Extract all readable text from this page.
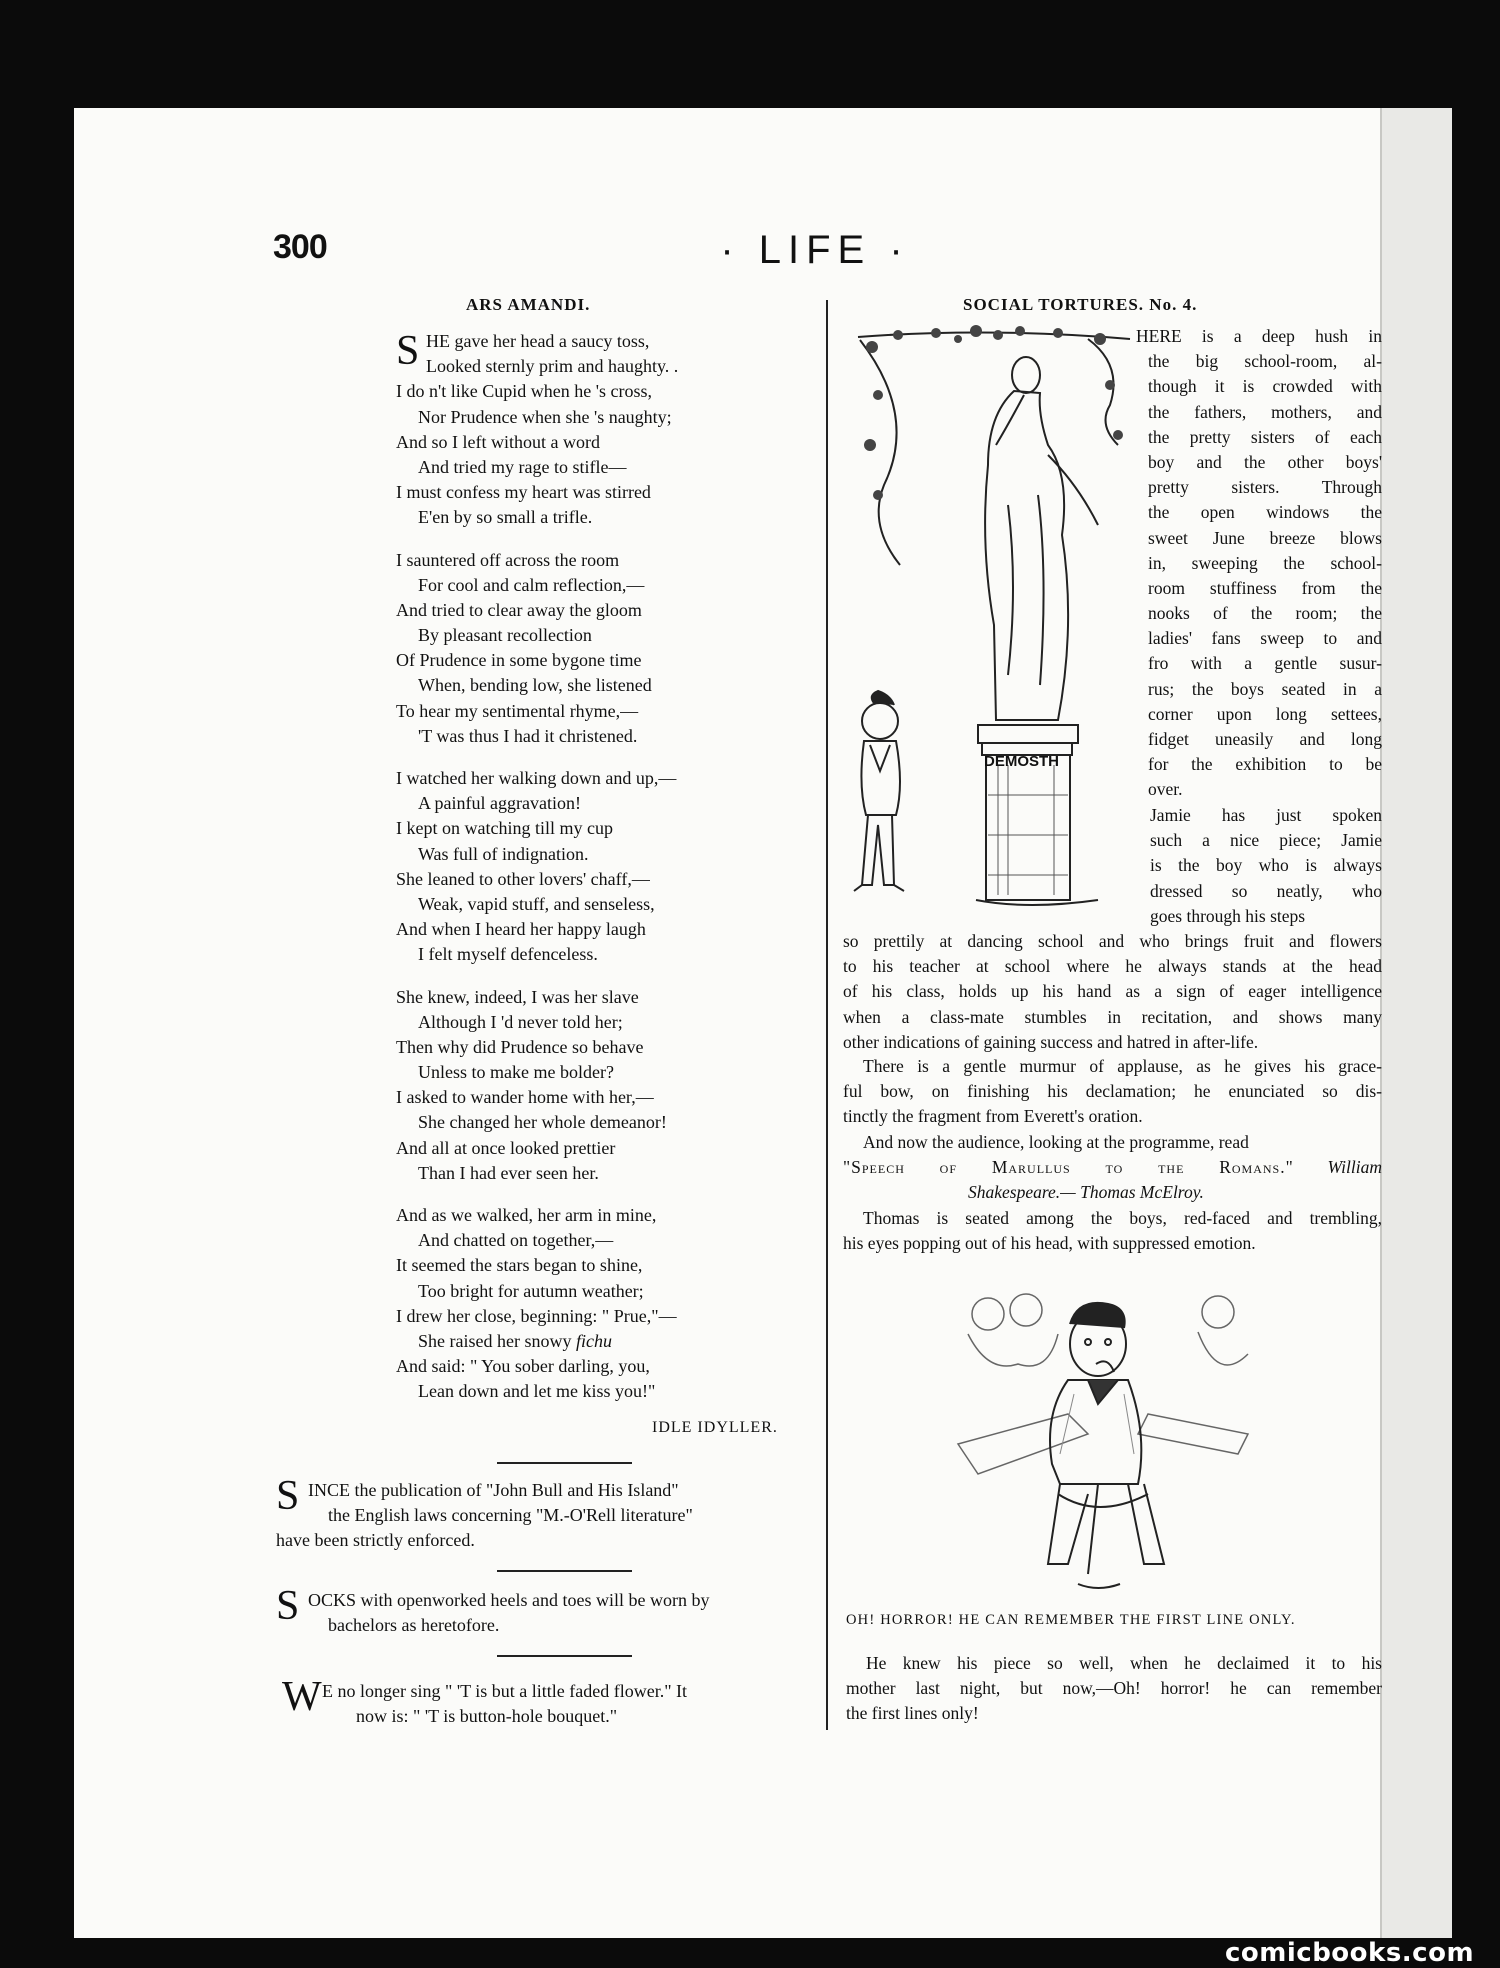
300	· LIFE ·
ARS AMANDI.
S HE gave her head a saucy toss,
Looked sternly prim and haughty. .
I do n't like Cupid when he 's cross,
Nor Prudence when she 's naughty;
And so I left without a word
And tried my rage to stifle—
I must confess my heart was stirred
E'en by so small a trifle.
I sauntered off across the room
For cool and calm reflection,—
And tried to clear away the gloom
By pleasant recollection
Of Prudence in some bygone time
When, bending low, she listened
To hear my sentimental rhyme,—
'T was thus I had it christened.
I watched her walking down and up,—
A painful aggravation!
I kept on watching till my cup
Was full of indignation.
She leaned to other lovers' chaff,—
Weak, vapid stuff, and senseless,
And when I heard her happy laugh
I felt myself defenceless.
She knew, indeed, I was her slave
Although I 'd never told her;
Then why did Prudence so behave
Unless to make me bolder?
I asked to wander home with her,—
She changed her whole demeanor!
And all at once looked prettier
Than I had ever seen her.
And as we walked, her arm in mine,
And chatted on together,—
It seemed the stars began to shine,
Too bright for autumn weather;
I drew her close, beginning: " Prue,"—
She raised her snowy fichu
And said: " You sober darling, you,
Lean down and let me kiss you!"
IDLE IDYLLER.
S INCE the publication of "John Bull and His Island"
the English laws concerning "M.-O'Rell literature"
have been strictly enforced.
S OCKS with openworked heels and toes will be worn by
bachelors as heretofore.
W E no longer sing " 'T is but a little faded flower." It
now is: " 'T is button-hole bouquet."
SOCIAL TORTURES. No. 4.
DEMOSTH
HERE is a deep hush in
the big school-room, al-
though it is crowded with
the fathers, mothers, and
the pretty sisters of each
boy and the other boys'
pretty sisters. Through
the open windows the
sweet June breeze blows
in, sweeping the school-
room stuffiness from the
nooks of the room; the
ladies' fans sweep to and
fro with a gentle susur-
rus; the boys seated in a
corner upon long settees,
fidget uneasily and long
for the exhibition to be
over.
Jamie has just spoken
such a nice piece; Jamie
is the boy who is always
dressed so neatly, who
goes through his steps
so prettily at dancing school and who brings fruit and flowers
to his teacher at school where he always stands at the head
of his class, holds up his hand as a sign of eager intelligence
when a class-mate stumbles in recitation, and shows many
other indications of gaining success and hatred in after-life.
There is a gentle murmur of applause, as he gives his grace-
ful bow, on finishing his declamation; he enunciated so dis-
tinctly the fragment from Everett's oration.
And now the audience, looking at the programme, read
"Speech of Marullus to the Romans." William
Shakespeare.— Thomas McElroy.
Thomas is seated among the boys, red-faced and trembling,
his eyes popping out of his head, with suppressed emotion.
OH! HORROR! HE CAN REMEMBER THE FIRST LINE ONLY.
He knew his piece so well, when he declaimed it to his
mother last night, but now,—Oh! horror! he can remember
the first lines only!
comicbooks.com
